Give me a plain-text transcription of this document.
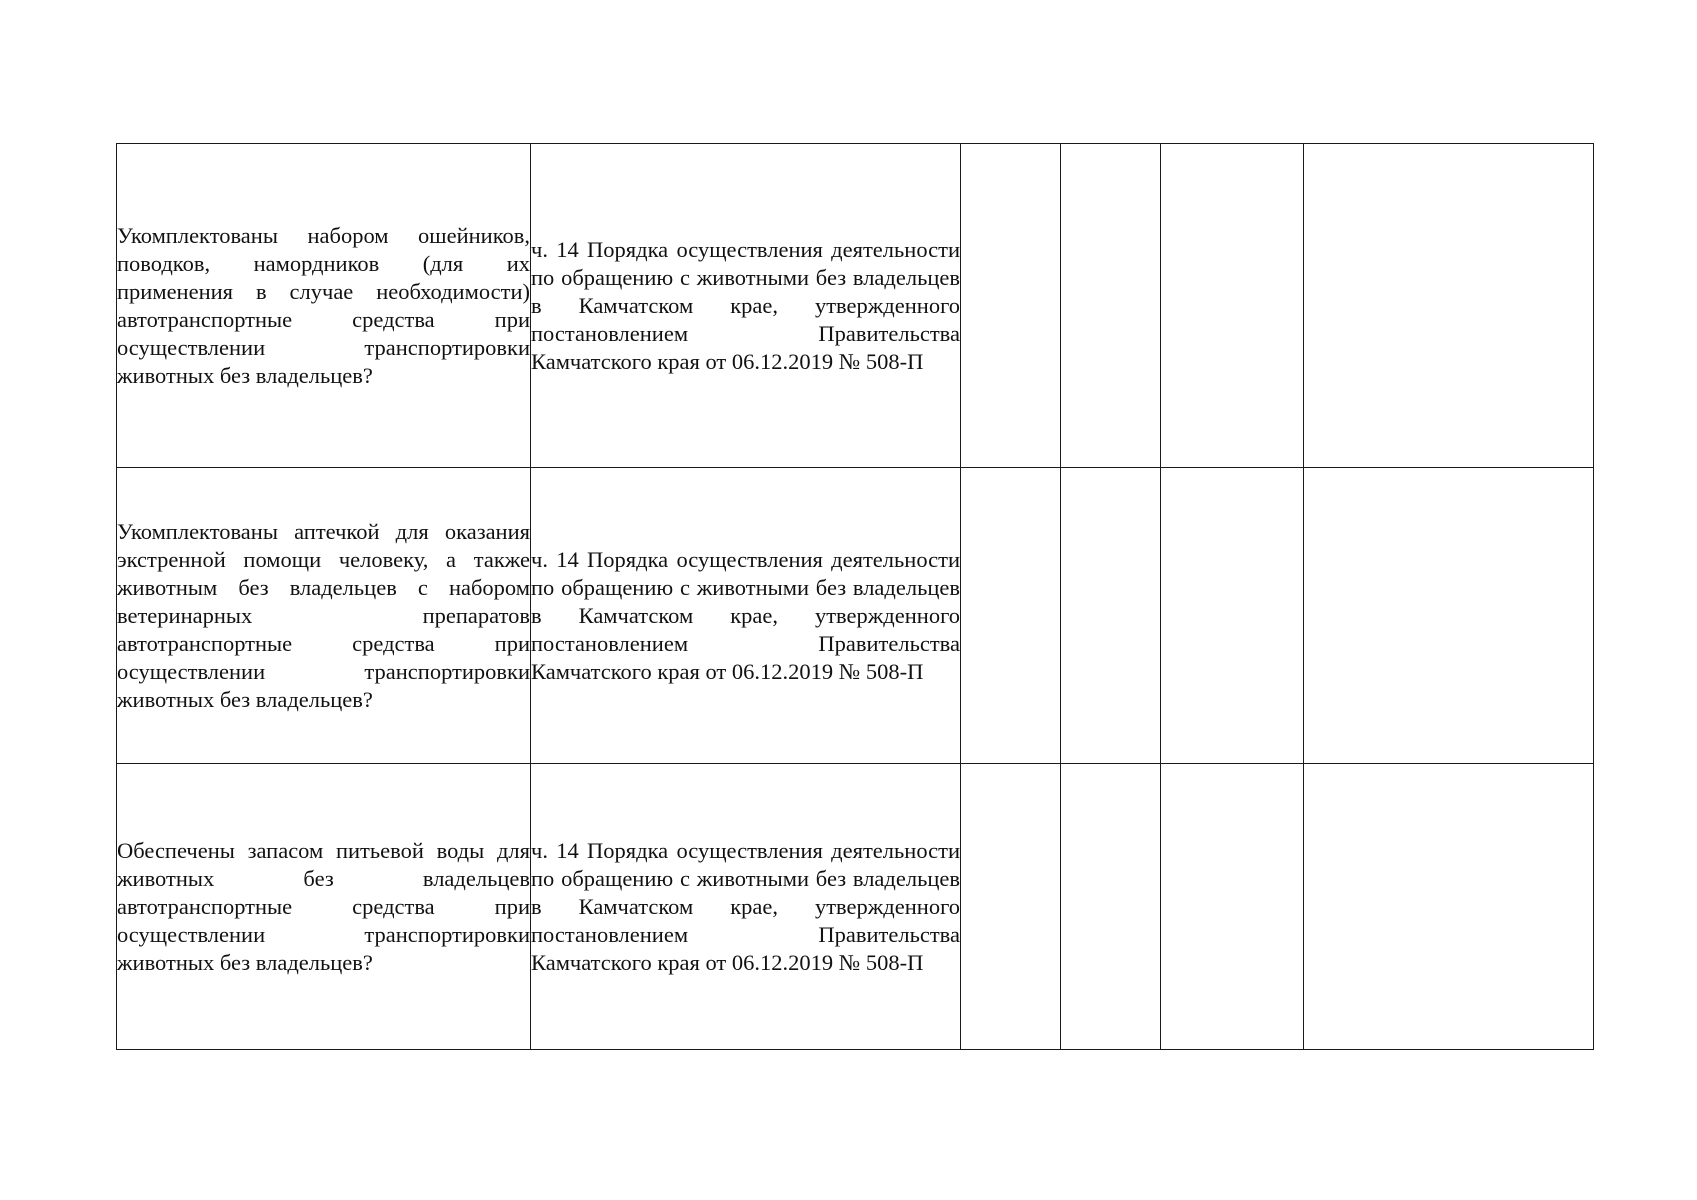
Укомплектованы набором ошейников, поводков, намордников (для их применения в случае необходимости) автотранспортные средства при осуществлении транспортировки животных без владельцев?	ч. 14 Порядка осуществления деятельности по обращению с животными без владельцев в Камчатском крае, утвержденного постановлением Правительства Камчатского края от 06.12.2019 № 508-П				

Укомплектованы аптечкой для оказания экстренной помощи человеку, а также животным без владельцев с набором ветеринарных препаратов автотранспортные средства при осуществлении транспортировки животных без владельцев?	ч. 14 Порядка осуществления деятельности по обращению с животными без владельцев в Камчатском крае, утвержденного постановлением Правительства Камчатского края от 06.12.2019 № 508-П				

Обеспечены запасом питьевой воды для животных без владельцев автотранспортные средства при осуществлении транспортировки животных без владельцев?	ч. 14 Порядка осуществления деятельности по обращению с животными без владельцев в Камчатском крае, утвержденного постановлением Правительства Камчатского края от 06.12.2019 № 508-П				
